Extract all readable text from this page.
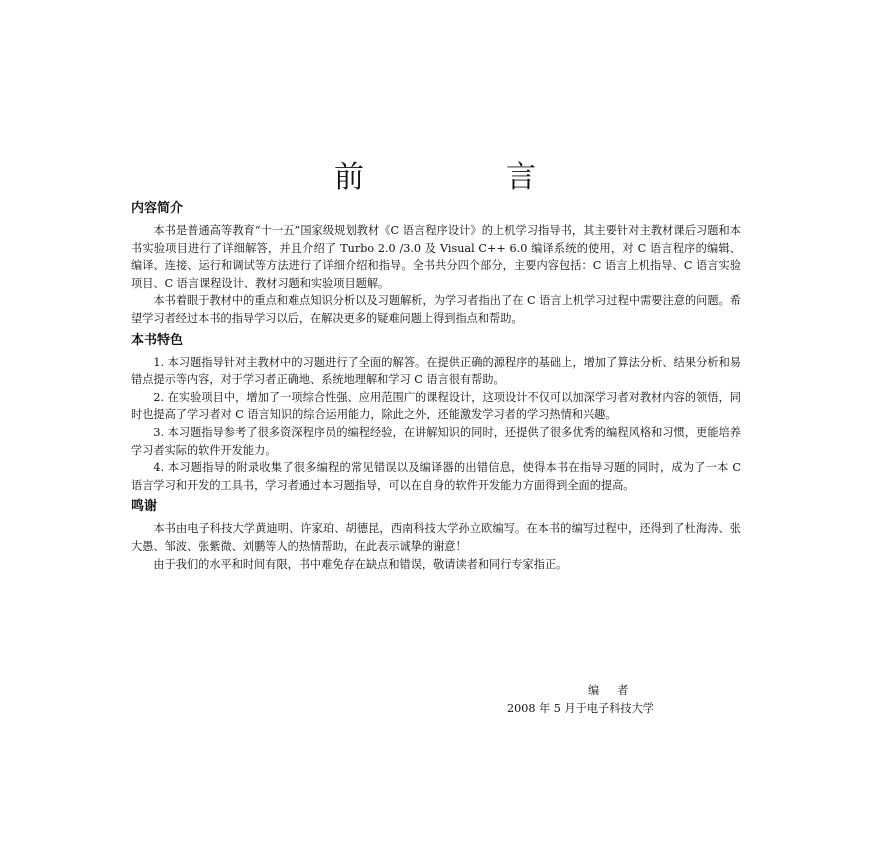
前　言
内容简介

本书是普通高等教育“十一五”国家级规划教材《C 语言程序设计》的上机学习指导书，其主要针对主教材课后习题和本书实验项目进行了详细解答，并且介绍了 Turbo 2.0 /3.0 及 Visual C++ 6.0 编译系统的使用，对 C 语言程序的编辑、编译、连接、运行和调试等方法进行了详细介绍和指导。全书共分四个部分，主要内容包括：C 语言上机指导、C 语言实验项目、C 语言课程设计、教材习题和实验项目题解。

本书着眼于教材中的重点和难点知识分析以及习题解析，为学习者指出了在 C 语言上机学习过程中需要注意的问题。希望学习者经过本书的指导学习以后，在解决更多的疑难问题上得到指点和帮助。

本书特色

1. 本习题指导针对主教材中的习题进行了全面的解答。在提供正确的源程序的基础上，增加了算法分析、结果分析和易错点提示等内容，对于学习者正确地、系统地理解和学习 C 语言很有帮助。

2. 在实验项目中，增加了一项综合性强、应用范围广的课程设计，这项设计不仅可以加深学习者对教材内容的领悟，同时也提高了学习者对 C 语言知识的综合运用能力，除此之外，还能激发学习者的学习热情和兴趣。

3. 本习题指导参考了很多资深程序员的编程经验，在讲解知识的同时，还提供了很多优秀的编程风格和习惯，更能培养学习者实际的软件开发能力。

4. 本习题指导的附录收集了很多编程的常见错误以及编译器的出错信息，使得本书在指导习题的同时，成为了一本 C 语言学习和开发的工具书，学习者通过本习题指导，可以在自身的软件开发能力方面得到全面的提高。

鸣谢

本书由电子科技大学黄迪明、许家珀、胡德昆，西南科技大学孙立欧编写。在本书的编写过程中，还得到了杜海涛、张大愚、邹波、张紫微、刘鹏等人的热情帮助，在此表示诚挚的谢意！

由于我们的水平和时间有限，书中难免存在缺点和错误，敬请读者和同行专家指正。

编者
2008 年 5 月于电子科技大学
